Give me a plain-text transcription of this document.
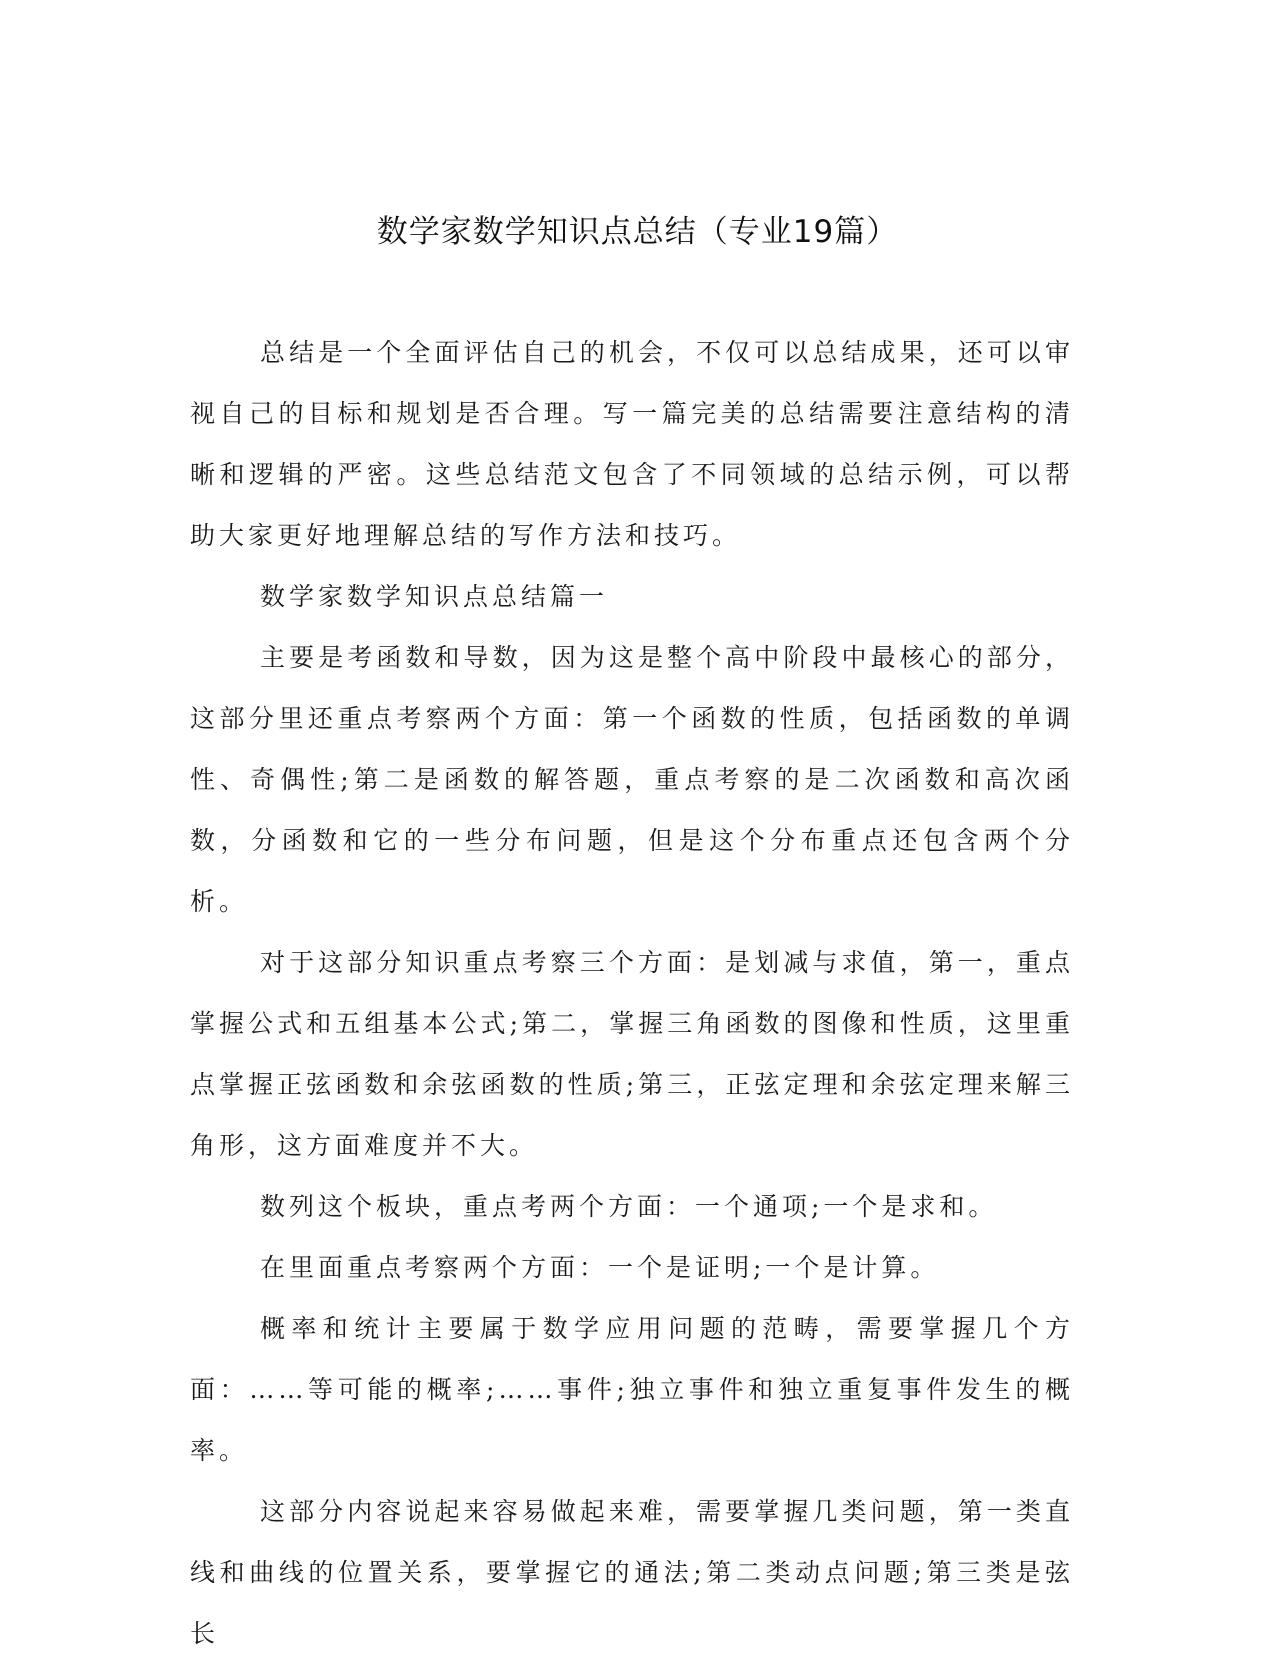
数学家数学知识点总结（专业19篇）

总结是一个全面评估自己的机会，不仅可以总结成果，还可以审视自己的目标和规划是否合理。写一篇完美的总结需要注意结构的清晰和逻辑的严密。这些总结范文包含了不同领域的总结示例，可以帮助大家更好地理解总结的写作方法和技巧。

数学家数学知识点总结篇一

主要是考函数和导数，因为这是整个高中阶段中最核心的部分，这部分里还重点考察两个方面：第一个函数的性质，包括函数的单调性、奇偶性;第二是函数的解答题，重点考察的是二次函数和高次函数，分函数和它的一些分布问题，但是这个分布重点还包含两个分析。

对于这部分知识重点考察三个方面：是划减与求值，第一，重点掌握公式和五组基本公式;第二，掌握三角函数的图像和性质，这里重点掌握正弦函数和余弦函数的性质;第三，正弦定理和余弦定理来解三角形，这方面难度并不大。

数列这个板块，重点考两个方面：一个通项;一个是求和。

在里面重点考察两个方面：一个是证明;一个是计算。

概率和统计主要属于数学应用问题的范畴，需要掌握几个方面：……等可能的概率;……事件;独立事件和独立重复事件发生的概率。

这部分内容说起来容易做起来难，需要掌握几类问题，第一类直线和曲线的位置关系，要掌握它的通法;第二类动点问题;第三类是弦长
